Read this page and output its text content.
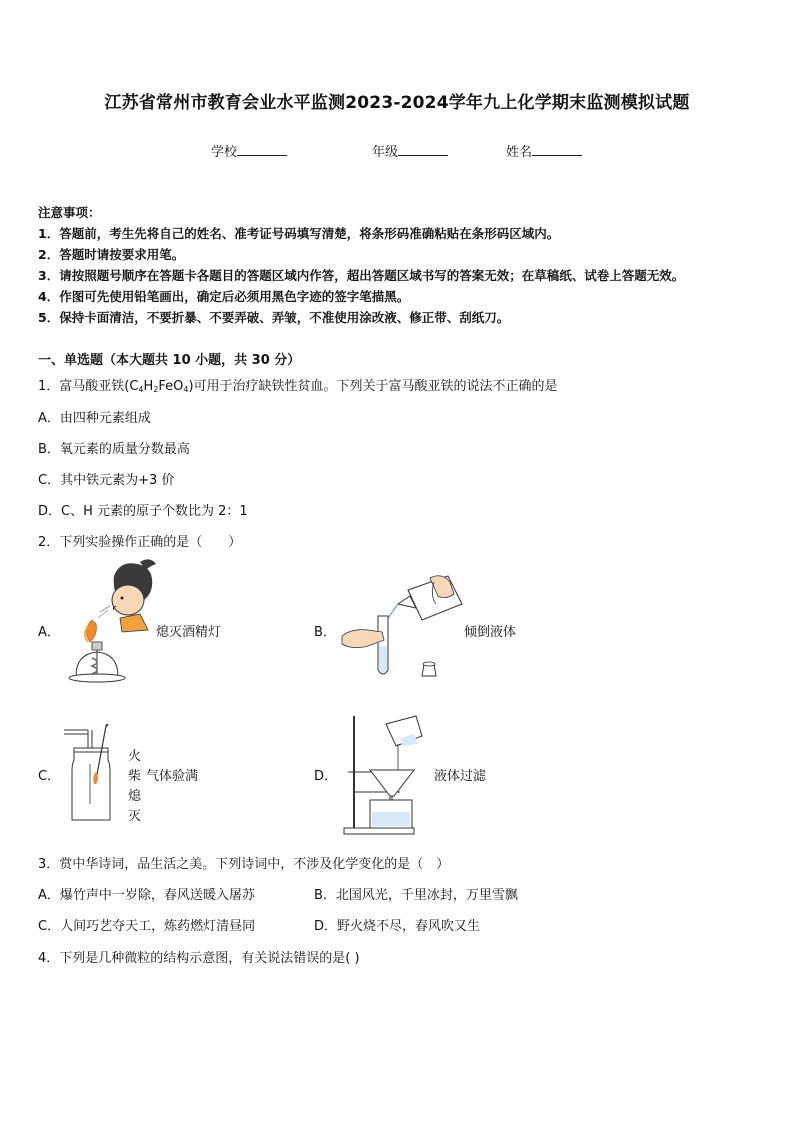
江苏省常州市教育会业水平监测2023-2024学年九上化学期末监测模拟试题
学校	年级	姓名
注意事项：
1．答题前，考生先将自己的姓名、准考证号码填写清楚，将条形码准确粘贴在条形码区域内。
2．答题时请按要求用笔。
3．请按照题号顺序在答题卡各题目的答题区域内作答，超出答题区域书写的答案无效；在草稿纸、试卷上答题无效。
4．作图可先使用铅笔画出，确定后必须用黑色字迹的签字笔描黑。
5．保持卡面清洁，不要折暴、不要弄破、弄皱，不准使用涂改液、修正带、刮纸刀。
一、单选题（本大题共 10 小题，共 30 分）
1．富马酸亚铁$(C_4H_2FeO_4)$可用于治疗缺铁性贫血。下列关于富马酸亚铁的说法不正确的是
A．由四种元素组成
B．氧元素的质量分数最高
C．其中铁元素为+3 价
D．C、H 元素的原子个数比为 2：1
2．下列实验操作正确的是（　　）
A．	熄灭酒精灯	B．	倾倒液体
C．
火
柴
熄
灭
气体验满	D．	液体过滤
3．赏中华诗词，品生活之美。下列诗词中，不涉及化学变化的是（　）
A．爆竹声中一岁除，春风送暖入屠苏	B．北国风光，千里冰封，万里雪飘
C．人间巧艺夺天工，炼药燃灯清昼同	D．野火烧不尽，春风吹又生
4．下列是几种微粒的结构示意图，有关说法错误的是( )
